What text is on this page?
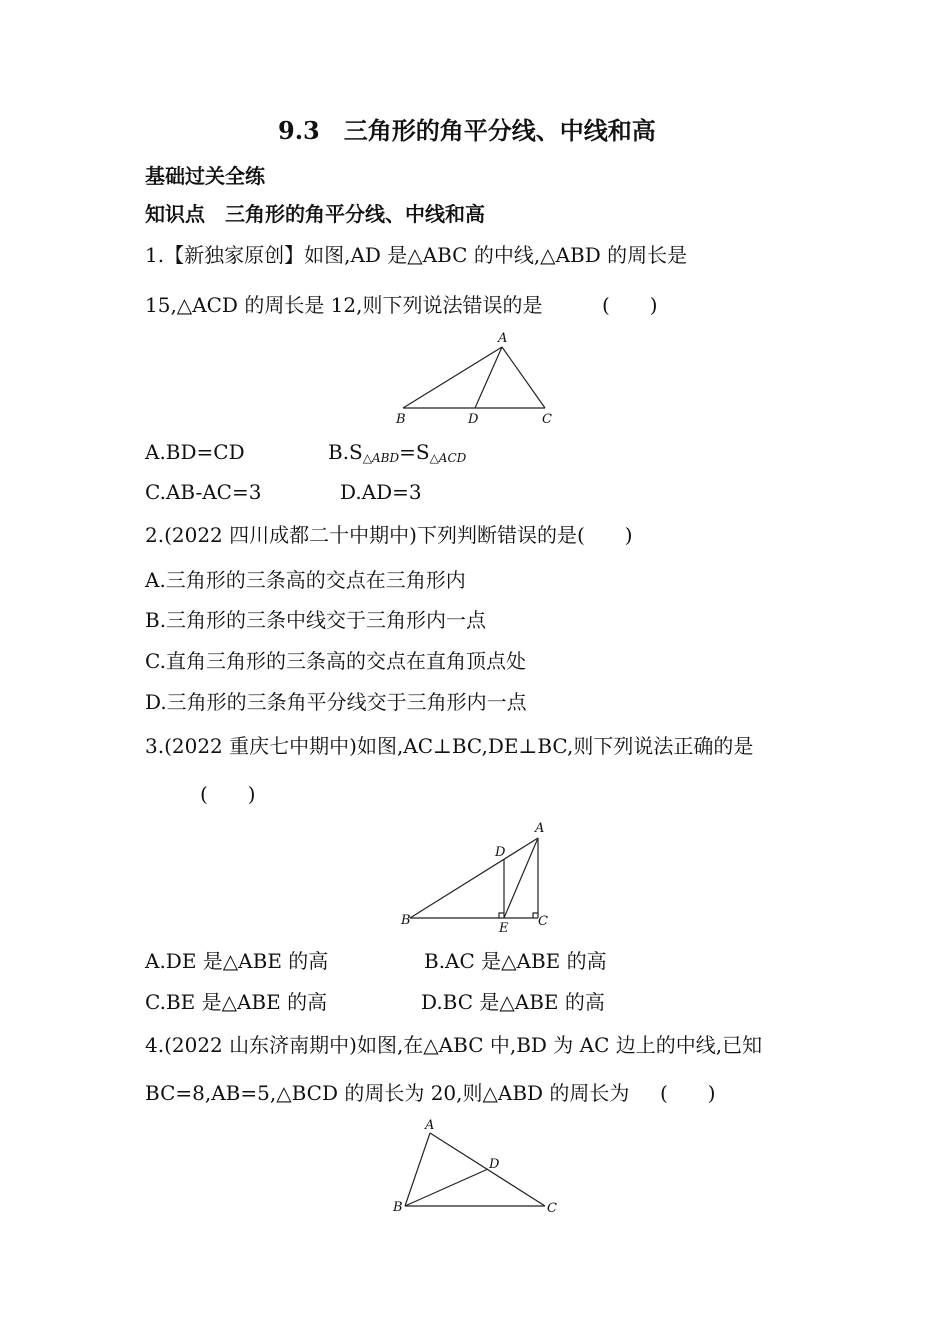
9.3　三角形的角平分线、中线和高
基础过关全练
知识点　三角形的角平分线、中线和高
1.【新独家原创】如图,AD 是△ABC 的中线,△ABD 的周长是
15,△ACD 的周长是 12,则下列说法错误的是	(　　)
A
B	D	C
A.BD=CD	$B.S_{\triangle ABD}=S_{\triangle ACD}$
C.AB-AC=3	D.AD=3
2.(2022 四川成都二十中期中)下列判断错误的是(　　)
A.三角形的三条高的交点在三角形内
B.三角形的三条中线交于三角形内一点
C.直角三角形的三条高的交点在直角顶点处
D.三角形的三条角平分线交于三角形内一点
3.(2022 重庆七中期中)如图,AC⊥BC,DE⊥BC,则下列说法正确的是
(　　)
A
D
B
E C
A.DE 是△ABE 的高	B.AC 是△ABE 的高
C.BE 是△ABE 的高	D.BC 是△ABE 的高
4.(2022 山东济南期中)如图,在△ABC 中,BD 为 AC 边上的中线,已知
BC=8,AB=5,△BCD 的周长为 20,则△ABD 的周长为 (　　)
A
D
B	C
